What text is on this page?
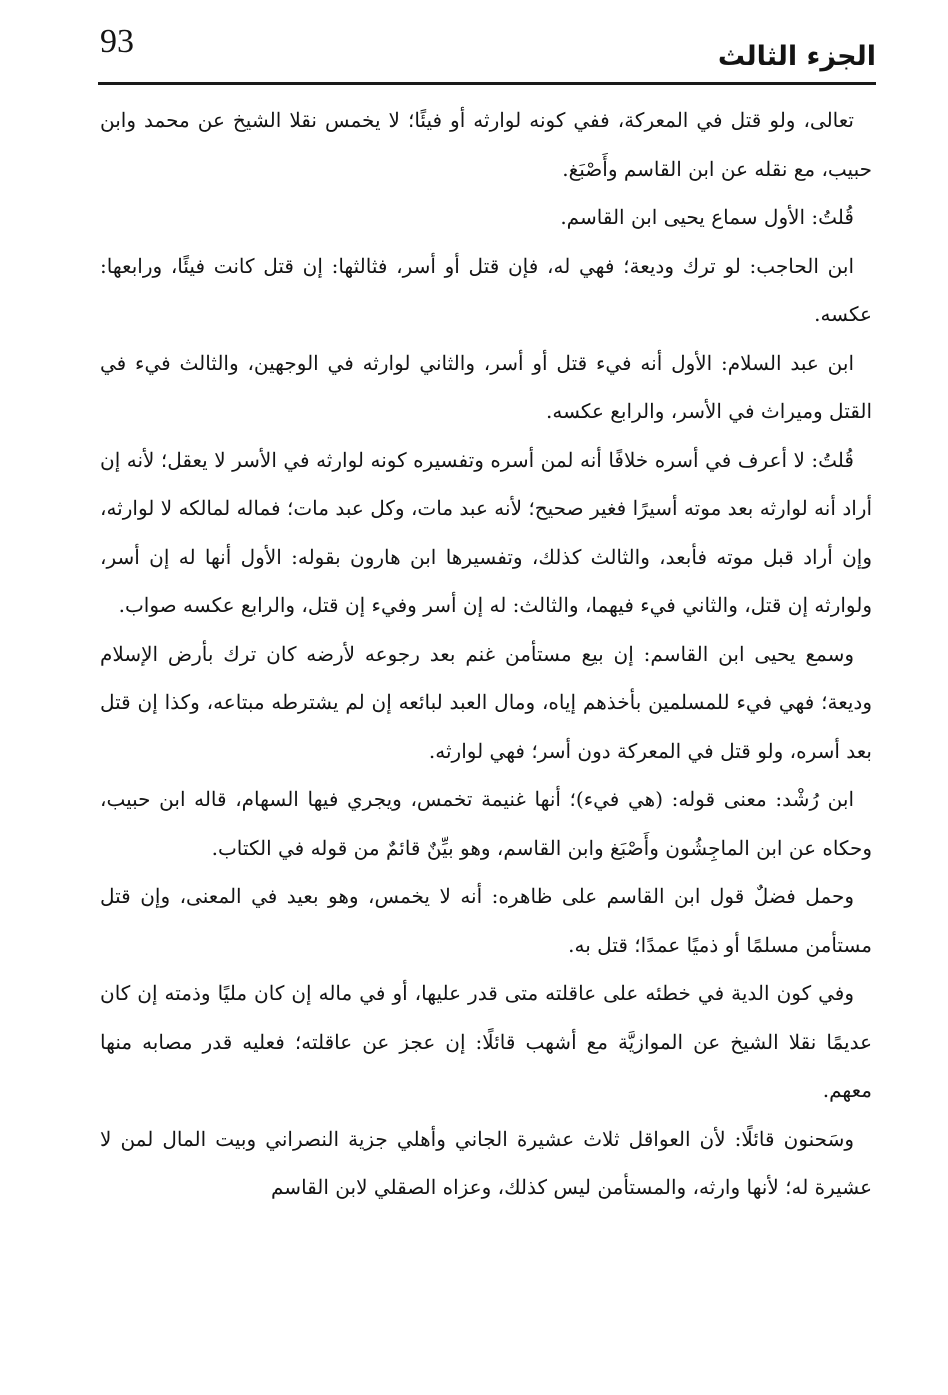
الجزء الثالث
93

تعالى، ولو قتل في المعركة، ففي كونه لوارثه أو فيئًا؛ لا يخمس نقلا الشيخ عن محمد وابن حبيب، مع نقله عن ابن القاسم وأَصْبَغ.

قُلتُ: الأول سماع يحيى ابن القاسم.

ابن الحاجب: لو ترك وديعة؛ فهي له، فإن قتل أو أسر، فثالثها: إن قتل كانت فيئًا، ورابعها: عكسه.

ابن عبد السلام: الأول أنه فيء قتل أو أسر، والثاني لوارثه في الوجهين، والثالث فيء في القتل وميراث في الأسر، والرابع عكسه.

قُلتُ: لا أعرف في أسره خلافًا أنه لمن أسره وتفسيره كونه لوارثه في الأسر لا يعقل؛ لأنه إن أراد أنه لوارثه بعد موته أسيرًا فغير صحيح؛ لأنه عبد مات، وكل عبد مات؛ فماله لمالكه لا لوارثه، وإن أراد قبل موته فأبعد، والثالث كذلك، وتفسيرها ابن هارون بقوله: الأول أنها له إن أسر، ولوارثه إن قتل، والثاني فيء فيهما، والثالث: له إن أسر وفيء إن قتل، والرابع عكسه صواب.

وسمع يحيى ابن القاسم: إن بيع مستأمن غنم بعد رجوعه لأرضه كان ترك بأرض الإسلام وديعة؛ فهي فيء للمسلمين بأخذهم إياه، ومال العبد لبائعه إن لم يشترطه مبتاعه، وكذا إن قتل بعد أسره، ولو قتل في المعركة دون أسر؛ فهي لوارثه.

ابن رُشْد: معنى قوله: (هي فيء)؛ أنها غنيمة تخمس، ويجري فيها السهام، قاله ابن حبيب، وحكاه عن ابن الماجِشُون وأَصْبَغ وابن القاسم، وهو بيِّنٌ قائمٌ من قوله في الكتاب.

وحمل فضلٌ قول ابن القاسم على ظاهره: أنه لا يخمس، وهو بعيد في المعنى، وإن قتل مستأمن مسلمًا أو ذميًا عمدًا؛ قتل به.

وفي كون الدية في خطئه على عاقلته متى قدر عليها، أو في ماله إن كان مليًا وذمته إن كان عديمًا نقلا الشيخ عن الموازيَّة مع أشهب قائلًا: إن عجز عن عاقلته؛ فعليه قدر مصابه منها معهم.

وسَحنون قائلًا: لأن العواقل ثلاث عشيرة الجاني وأهلي جزية النصراني وبيت المال لمن لا عشيرة له؛ لأنها وارثه، والمستأمن ليس كذلك، وعزاه الصقلي لابن القاسم
